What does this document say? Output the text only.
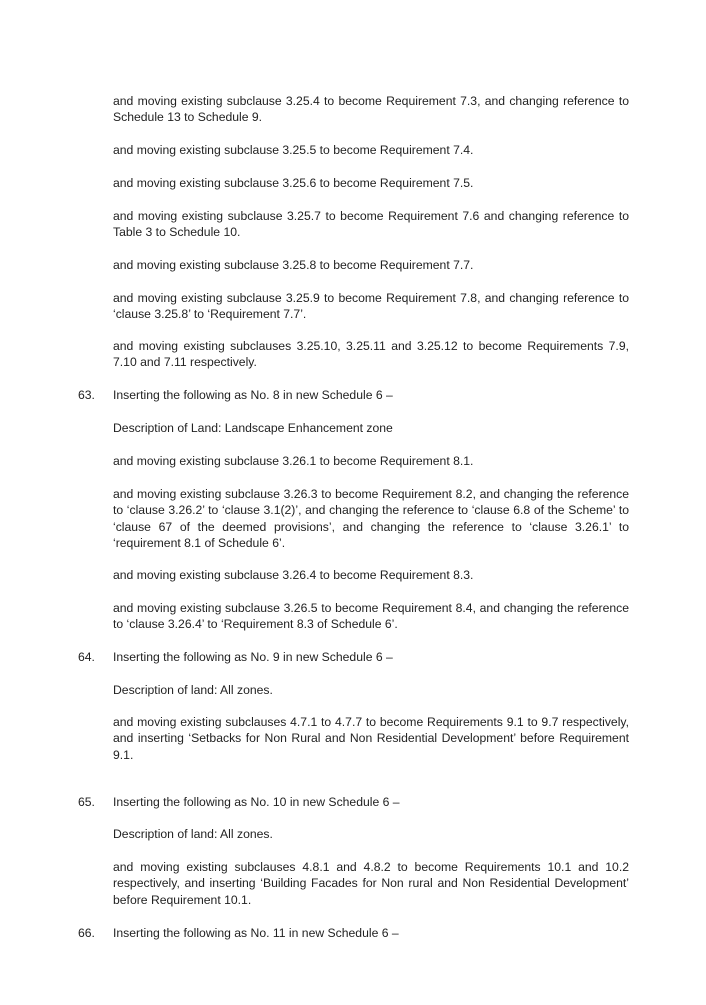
and moving existing subclause 3.25.4 to become Requirement 7.3, and changing reference to Schedule 13 to Schedule 9.

and moving existing subclause 3.25.5 to become Requirement 7.4.

and moving existing subclause 3.25.6 to become Requirement 7.5.

and moving existing subclause 3.25.7 to become Requirement 7.6 and changing reference to Table 3 to Schedule 10.

and moving existing subclause 3.25.8 to become Requirement 7.7.

and moving existing subclause 3.25.9 to become Requirement 7.8, and changing reference to ‘clause 3.25.8’ to ‘Requirement 7.7’.

and moving existing subclauses 3.25.10, 3.25.11 and 3.25.12 to become Requirements 7.9, 7.10 and 7.11 respectively.

63. Inserting the following as No. 8 in new Schedule 6 –

Description of Land: Landscape Enhancement zone

and moving existing subclause 3.26.1 to become Requirement 8.1.

and moving existing subclause 3.26.3 to become Requirement 8.2, and changing the reference to ‘clause 3.26.2’ to ‘clause 3.1(2)’, and changing the reference to ‘clause 6.8 of the Scheme’ to ‘clause 67 of the deemed provisions’, and changing the reference to ‘clause 3.26.1’ to ‘requirement 8.1 of Schedule 6’.

and moving existing subclause 3.26.4 to become Requirement 8.3.

and moving existing subclause 3.26.5 to become Requirement 8.4, and changing the reference to ‘clause 3.26.4’ to ‘Requirement 8.3 of Schedule 6’.

64. Inserting the following as No. 9 in new Schedule 6 –

Description of land: All zones.

and moving existing subclauses 4.7.1 to 4.7.7 to become Requirements 9.1 to 9.7 respectively, and inserting ‘Setbacks for Non Rural and Non Residential Development’ before Requirement 9.1.

65. Inserting the following as No. 10 in new Schedule 6 –

Description of land: All zones.

and moving existing subclauses 4.8.1 and 4.8.2 to become Requirements 10.1 and 10.2 respectively, and inserting ‘Building Facades for Non rural and Non Residential Development’ before Requirement 10.1.

66. Inserting the following as No. 11 in new Schedule 6 –
